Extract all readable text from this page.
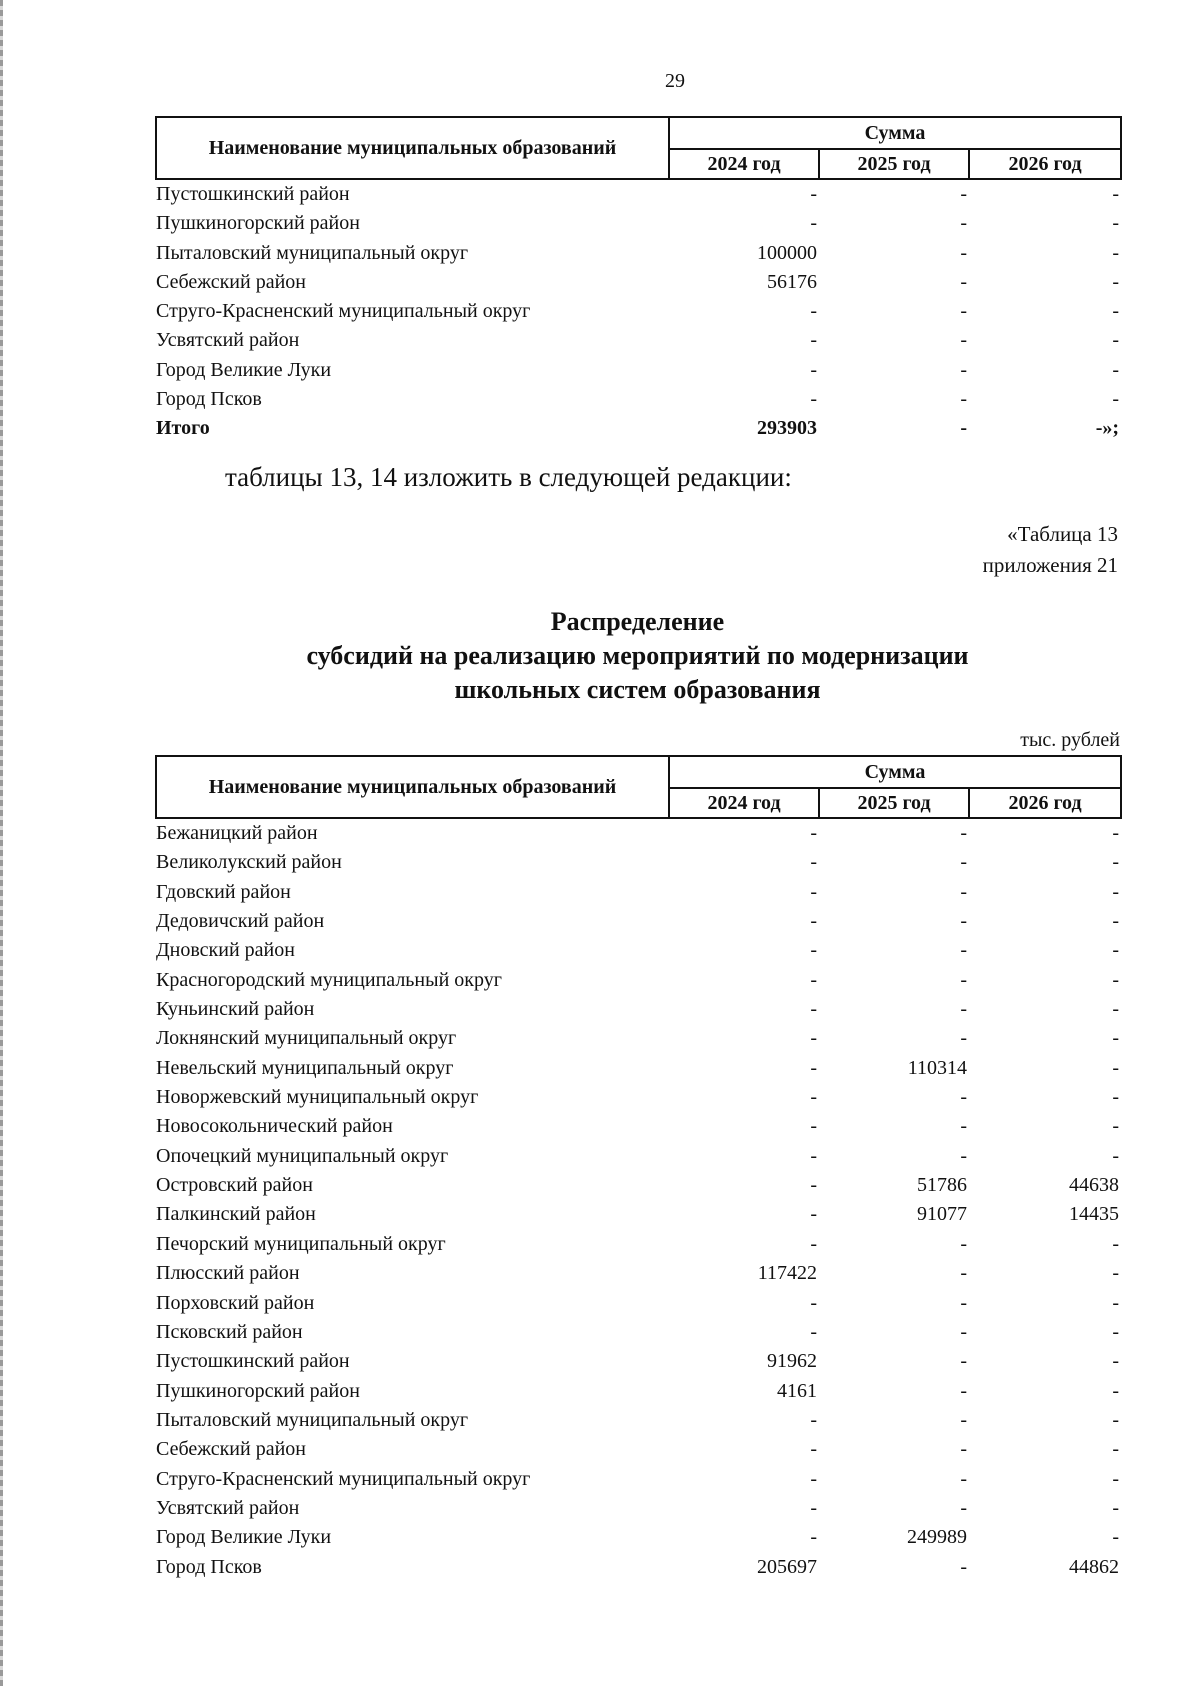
29
Наименование муниципальных образований	Сумма		
	2024 год	2025 год	2026 год
Пустошкинский район	-	-	-
Пушкиногорский район	-	-	-
Пыталовский муниципальный округ	100000	-	-
Себежский район	56176	-	-
Струго-Красненский муниципальный округ	-	-	-
Усвятский район	-	-	-
Город Великие Луки	-	-	-
Город Псков	-	-	-
Итого	293903	-	-»;
таблицы 13, 14 изложить в следующей редакции:
«Таблица 13
приложения 21
Распределение
субсидий на реализацию мероприятий по модернизации
школьных систем образования
тыс. рублей
Наименование муниципальных образований	Сумма		
	2024 год	2025 год	2026 год
Бежаницкий район	-	-	-
Великолукский район	-	-	-
Гдовский район	-	-	-
Дедовичский район	-	-	-
Дновский район	-	-	-
Красногородский муниципальный округ	-	-	-
Куньинский район	-	-	-
Локнянский муниципальный округ	-	-	-
Невельский муниципальный округ	-	110314	-
Новоржевский муниципальный округ	-	-	-
Новосокольнический район	-	-	-
Опочецкий муниципальный округ	-	-	-
Островский район	-	51786	44638
Палкинский район	-	91077	14435
Печорский муниципальный округ	-	-	-
Плюсский район	117422	-	-
Порховский район	-	-	-
Псковский район	-	-	-
Пустошкинский район	91962	-	-
Пушкиногорский район	4161	-	-
Пыталовский муниципальный округ	-	-	-
Себежский район	-	-	-
Струго-Красненский муниципальный округ	-	-	-
Усвятский район	-	-	-
Город Великие Луки	-	249989	-
Город Псков	205697	-	44862
